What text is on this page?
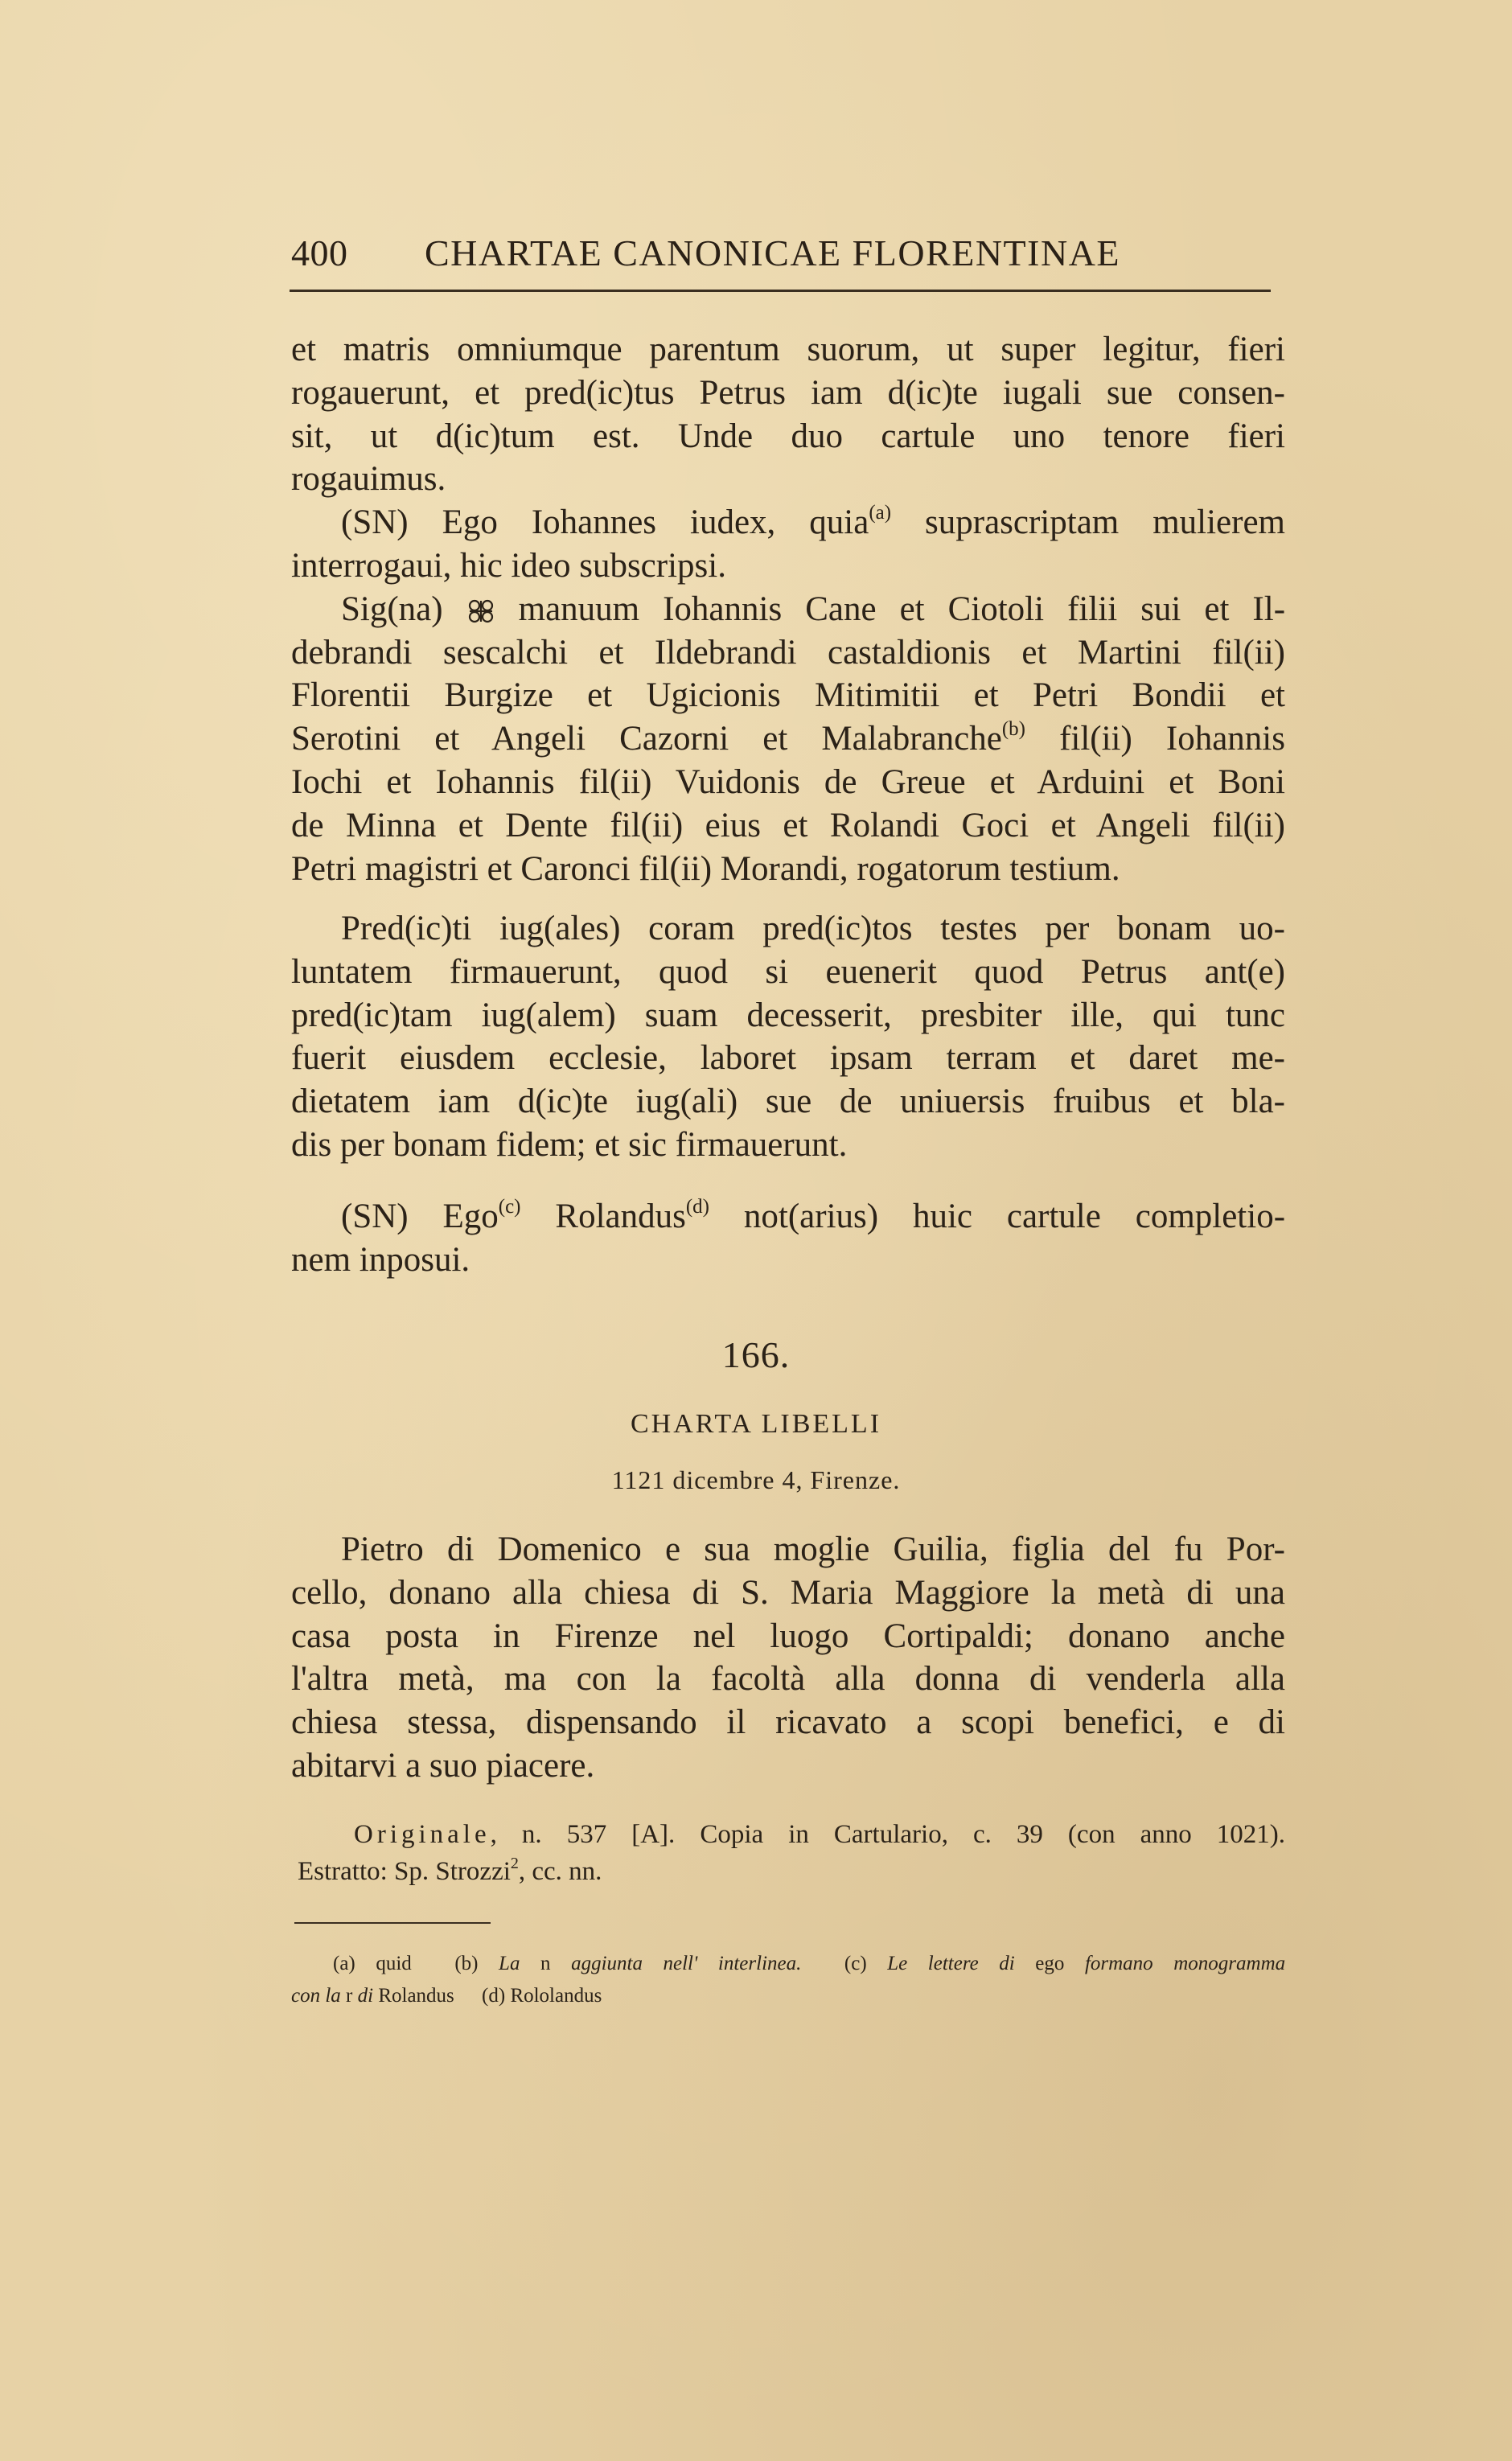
400 CHARTAE CANONICAE FLORENTINAE
et matris omniumque parentum suorum, ut super legitur, fieri
rogauerunt, et pred(ic)tus Petrus iam d(ic)te iugali sue consen-
sit, ut d(ic)tum est. Unde duo cartule uno tenore fieri
rogauimus.
(SN) Ego Iohannes iudex, quia$^{(a)}$ suprascriptam mulierem
interrogaui, hic ideo subscripsi.
Sig(na) manuum Iohannis Cane et Ciotoli filii sui et Il-
debrandi sescalchi et Ildebrandi castaldionis et Martini fil(ii)
Florentii Burgize et Ugicionis Mitimitii et Petri Bondii et
Serotini et Angeli Cazorni et Malabranche$^{(b)}$ fil(ii) Iohannis
Iochi et Iohannis fil(ii) Vuidonis de Greue et Arduini et Boni
de Minna et Dente fil(ii) eius et Rolandi Goci et Angeli fil(ii)
Petri magistri et Caronci fil(ii) Morandi, rogatorum testium.
Pred(ic)ti iug(ales) coram pred(ic)tos testes per bonam uo-
luntatem firmauerunt, quod si euenerit quod Petrus ant(e)
pred(ic)tam iug(alem) suam decesserit, presbiter ille, qui tunc
fuerit eiusdem ecclesie, laboret ipsam terram et daret me-
dietatem iam d(ic)te iug(ali) sue de uniuersis fruibus et bla-
dis per bonam fidem; et sic firmauerunt.
(SN) Ego$^{(c)}$ Rolandus$^{(d)}$ not(arius) huic cartule completio-
nem inposui.
166.
CHARTA LIBELLI
1121 dicembre 4, Firenze.
Pietro di Domenico e sua moglie Guilia, figlia del fu Por-
cello, donano alla chiesa di S. Maria Maggiore la metà di una
casa posta in Firenze nel luogo Cortipaldi; donano anche
l'altra metà, ma con la facoltà alla donna di venderla alla
chiesa stessa, dispensando il ricavato a scopi benefici, e di
abitarvi a suo piacere.
Originale, n. 537 [A]. Copia in Cartulario, c. 39 (con anno 1021).
Estratto: Sp. Strozzi$^2$, cc. nn.
(a) quid (b) La n aggiunta nell' interlinea. (c) Le lettere di ego formano monogramma
con la r di Rolandus (d) Rololandus
